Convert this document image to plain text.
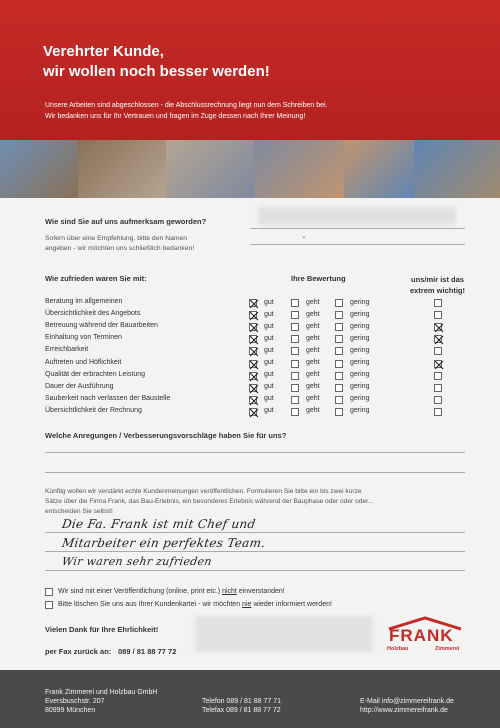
Verehrter Kunde,
wir wollen noch besser werden!
Unsere Arbeiten sind abgeschlossen - die Abschlussrechnung liegt nun dem Schreiben bei.
Wir bedanken uns für Ihr Vertrauen und fragen im Zuge dessen nach Ihrer Meinung!
Wie sind Sie auf uns aufmerksam geworden?
Sofern über eine Empfehlung, bitte den Namen
angeben - wir möchten uns schließlich bedanken!
⌄
Wie zufrieden waren Sie mit:	Ihre Bewertung	uns/mir ist das
extrem wichtig!
Beratung im allgemeinen	gut	geht	gering
Übersichtlichkeit des Angebots	gut	geht	gering
Betreuung während der Bauarbeiten	gut	geht	gering
Einhaltung von Terminen	gut	geht	gering
Erreichbarkeit	gut	geht	gering
Auftreten und Höflichkeit	gut	geht	gering
Qualität der erbrachten Leistung	gut	geht	gering
Dauer der Ausführung	gut	geht	gering
Sauberkeit nach verlassen der Baustelle	gut	geht	gering
Übersichtlichkeit der Rechnung	gut	geht	gering
Welche Anregungen / Verbesserungsvorschläge haben Sie für uns?
Künftig wollen wir verstärkt echte Kundenmeinungen veröffentlichen. Formulieren Sie bitte ein bis zwei kurze
Sätze über die Firma Frank, das Bau-Erlebnis, ein besonderes Erlebnis während der Bauphase oder oder oder...
entscheiden Sie selbst!
Die Fa. Frank ist mit Chef und
Mitarbeiter ein perfektes Team.
Wir waren sehr zufrieden
Wir sind mit einer Veröffentlichung (online, print etc.) nicht einverstanden!
Bitte löschen Sie uns aus Ihrer Kundenkartei - wir möchten nie wieder informiert werden!
Vielen Dank für Ihre Ehrlichkeit!
per Fax zurück an: 089 / 81 88 77 72
FRANK
Holzbau	Zimmerei
Frank Zimmerei und Holzbau GmbH
Eversbuschstr. 207
80999 München
Telefon 089 / 81 88 77 71
Telefax 089 / 81 88 77 72
E-Mail info@zimmereifrank.de
http://www.zimmereifrank.de
